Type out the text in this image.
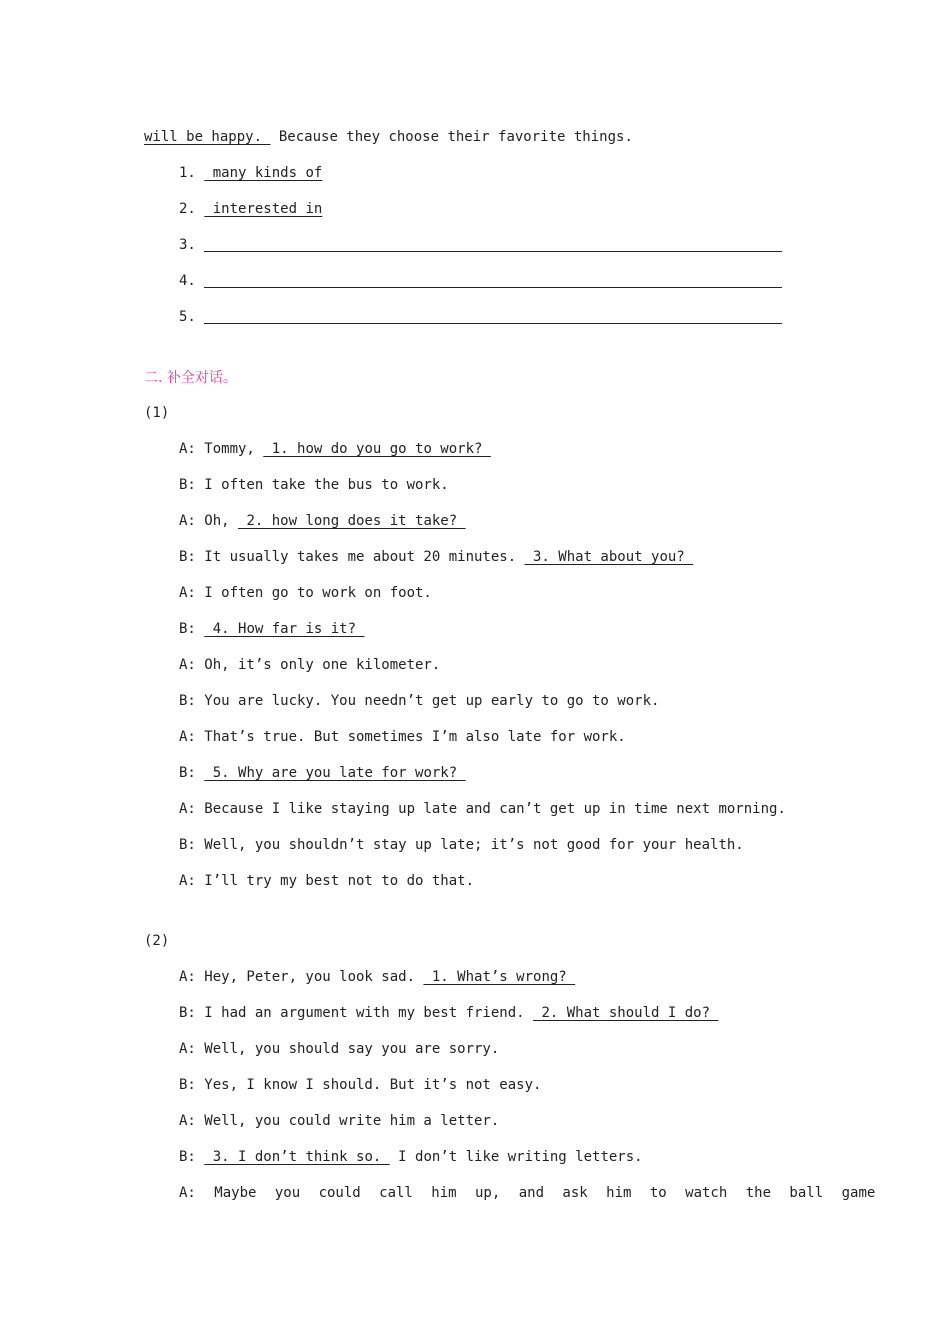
will be happy.  Because they choose their favorite things.
1.  many kinds of
2.  interested in
3.
4.
5.
二. 补全对话。
(1)
A: Tommy,  1. how do you go to work?
B: I often take the bus to work.
A: Oh,  2. how long does it take?
B: It usually takes me about 20 minutes.  3. What about you?
A: I often go to work on foot.
B:  4. How far is it?
A: Oh, it’s only one kilometer.
B: You are lucky. You needn’t get up early to go to work.
A: That’s true. But sometimes I’m also late for work.
B:  5. Why are you late for work?
A: Because I like staying up late and can’t get up in time next morning.
B: Well, you shouldn’t stay up late; it’s not good for your health.
A: I’ll try my best not to do that.
(2)
A: Hey, Peter, you look sad.  1. What’s wrong?
B: I had an argument with my best friend.  2. What should I do?
A: Well, you should say you are sorry.
B: Yes, I know I should. But it’s not easy.
A: Well, you could write him a letter.
B:  3. I don’t think so.  I don’t like writing letters.
A: Maybe you could call him up, and ask him to watch the ball game
